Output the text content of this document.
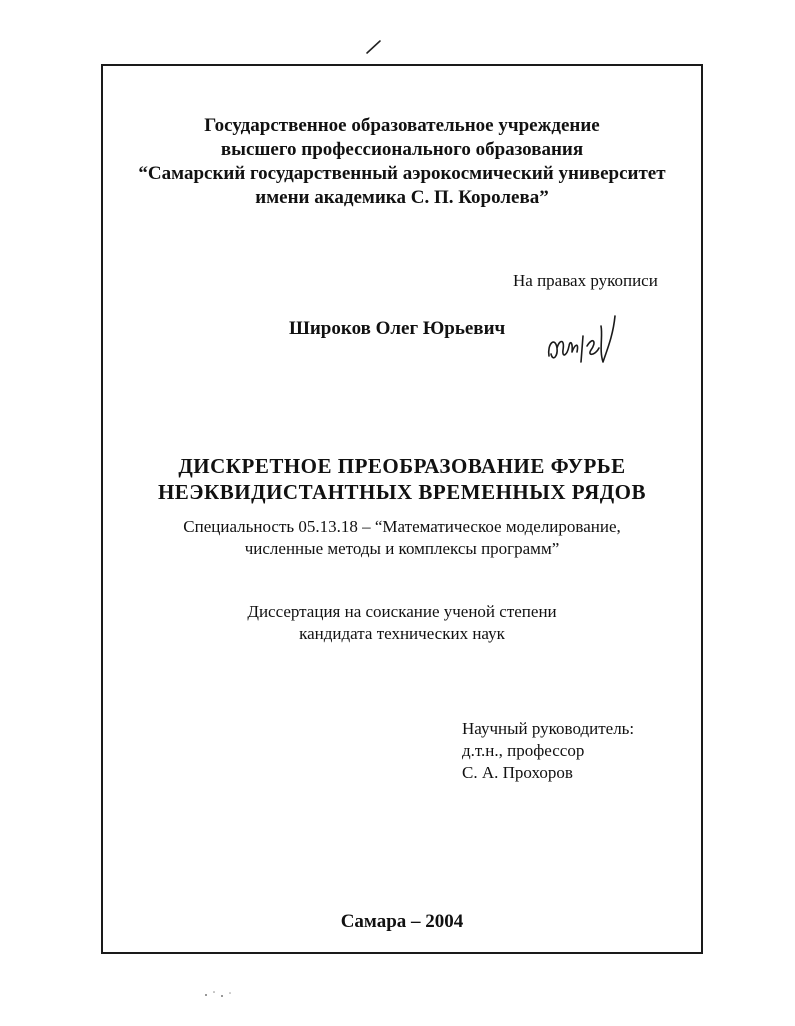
Государственное образовательное учреждение
высшего профессионального образования
“Самарский государственный аэрокосмический университет
имени академика С. П. Королева”
На правах рукописи
Широков Олег Юрьевич
ДИСКРЕТНОЕ ПРЕОБРАЗОВАНИЕ ФУРЬЕ
НЕЭКВИДИСТАНТНЫХ ВРЕМЕННЫХ РЯДОВ
Специальность 05.13.18 – “Математическое моделирование,
численные методы и комплексы программ”
Диссертация на соискание ученой степени
кандидата технических наук
Научный руководитель:
д.т.н., профессор
С. А. Прохоров
Самара – 2004
